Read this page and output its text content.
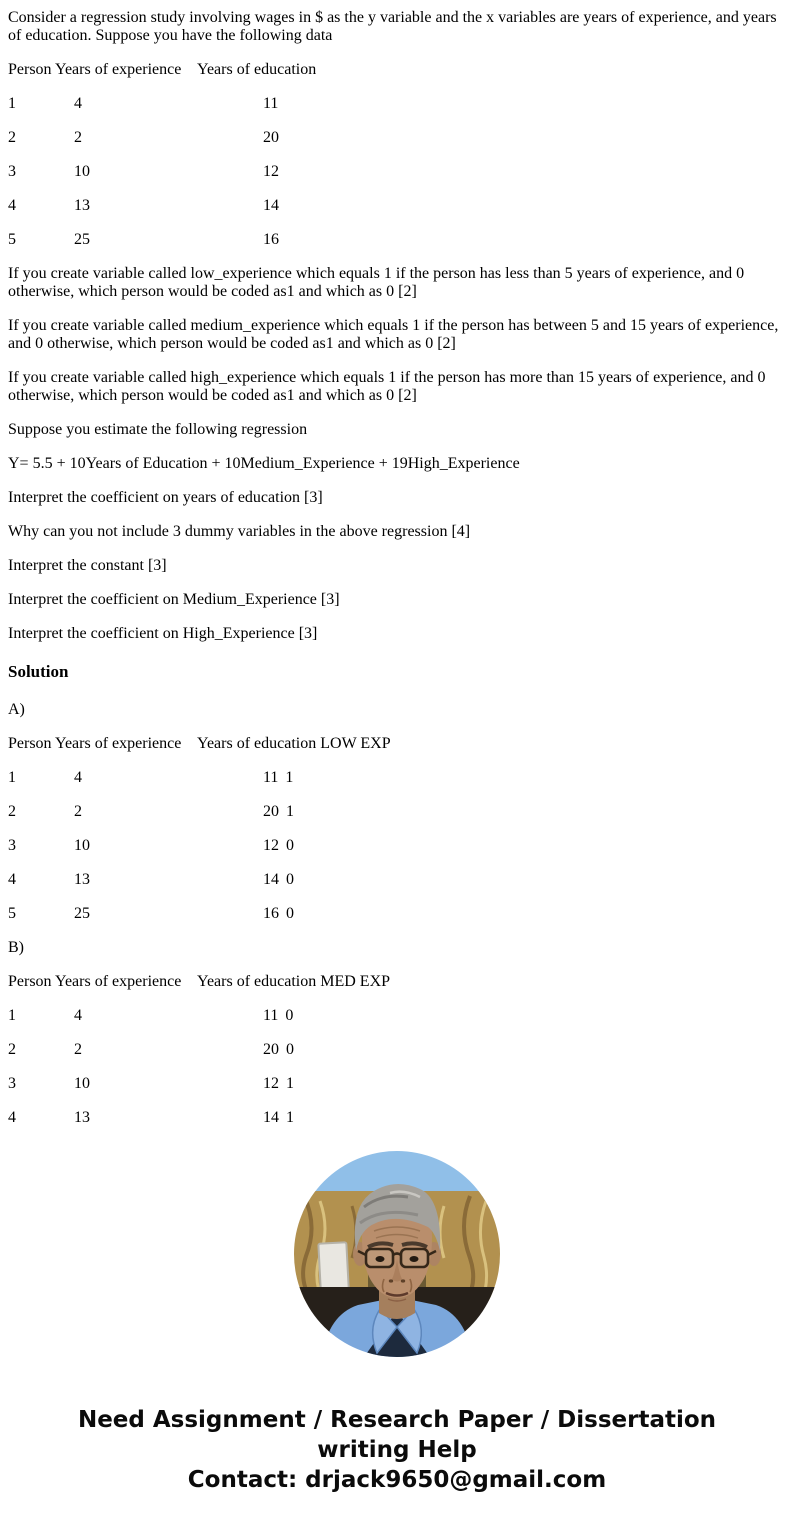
Consider a regression study involving wages in $ as the y variable and the x variables are years of experience, and years of education. Suppose you have the following data

Person Years of experience Years of education
1	4	11
2	2	20
3	10	12
4	13	14
5	25	16

If you create variable called low_experience which equals 1 if the person has less than 5 years of experience, and 0 otherwise, which person would be coded as1 and which as 0 [2]

If you create variable called medium_experience which equals 1 if the person has between 5 and 15 years of experience, and 0 otherwise, which person would be coded as1 and which as 0 [2]

If you create variable called high_experience which equals 1 if the person has more than 15 years of experience, and 0 otherwise, which person would be coded as1 and which as 0 [2]

Suppose you estimate the following regression

Y= 5.5 + 10Years of Education + 10Medium_Experience + 19High_Experience

Interpret the coefficient on years of education [3]

Why can you not include 3 dummy variables in the above regression [4]

Interpret the constant [3]

Interpret the coefficient on Medium_Experience [3]

Interpret the coefficient on High_Experience [3]

Solution

A)

Person Years of experience Years of education LOW EXP
1	4	11 1
2	2	20 1
3	10	12 0
4	13	14 0
5	25	16 0

B)

Person Years of experience Years of education MED EXP
1	4	11 0
2	2	20 0
3	10	12 1
4	13	14 1
Need Assignment / Research Paper / Dissertation
writing Help
Contact: drjack9650@gmail.com
